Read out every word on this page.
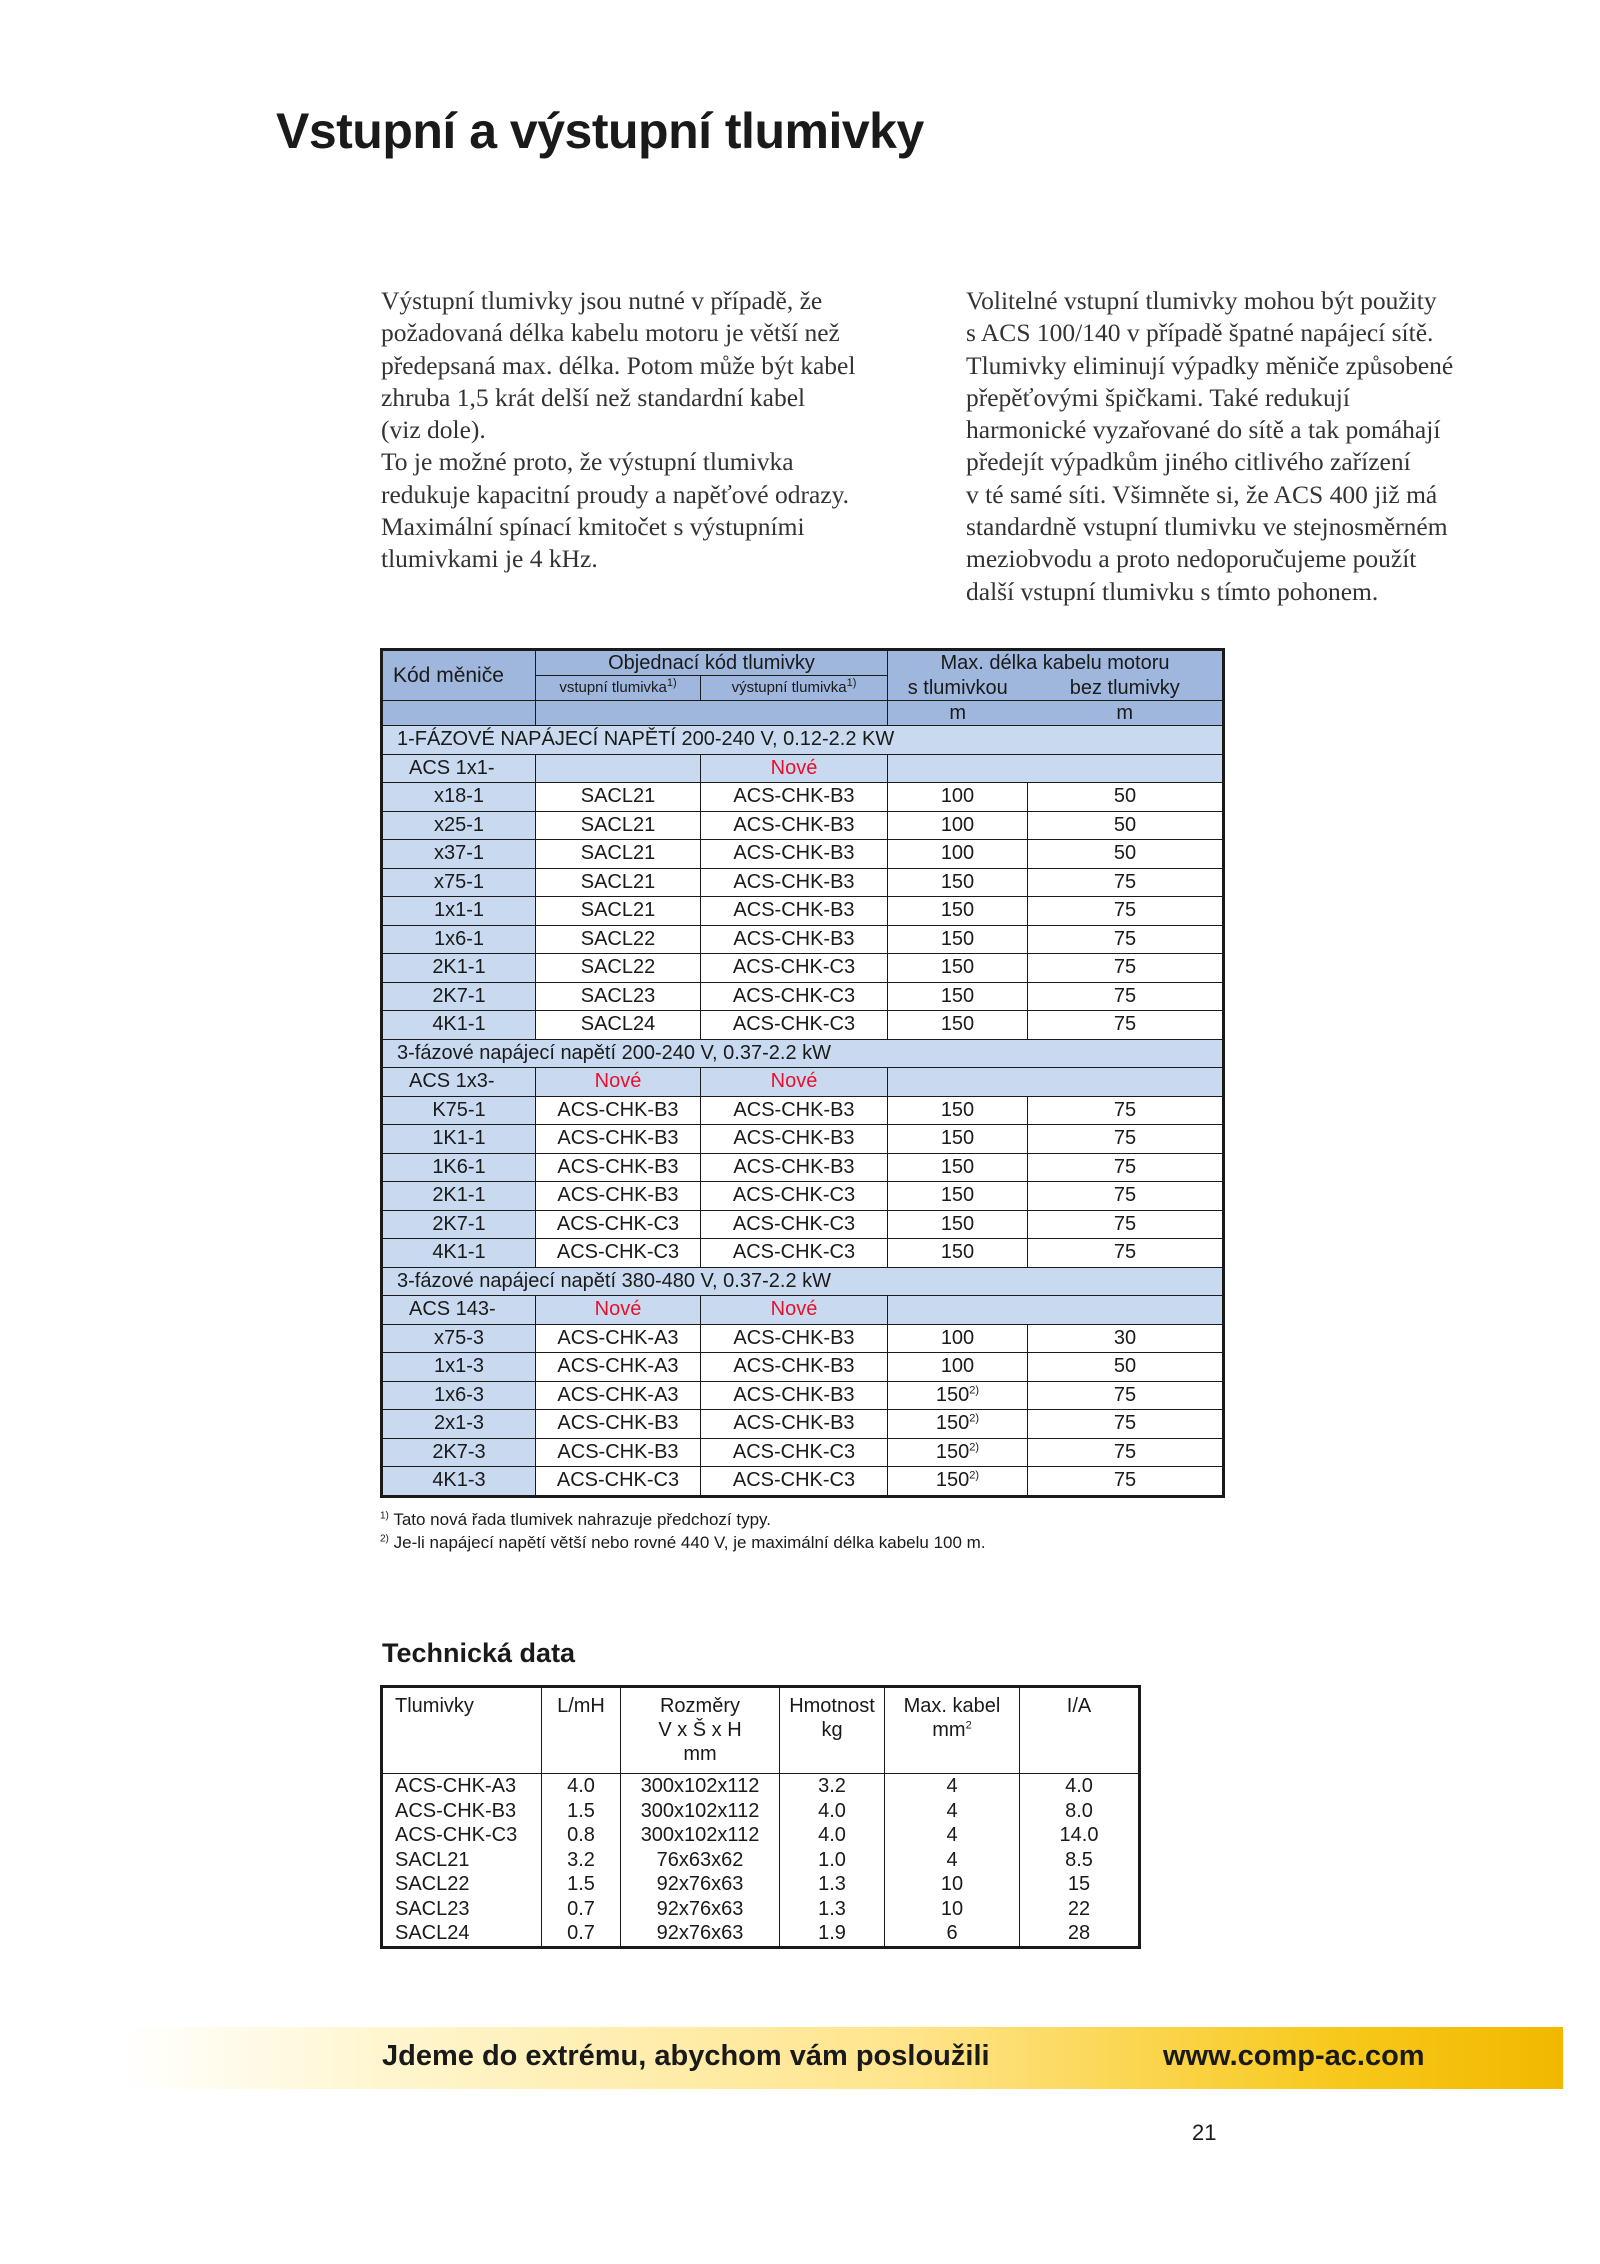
Vstupní a výstupní tlumivky

Výstupní tlumivky jsou nutné v případě, že

požadovaná délka kabelu motoru je větší než

předepsaná max. délka. Potom může být kabel

zhruba 1,5 krát delší než standardní kabel

(viz dole).

To je možné proto, že výstupní tlumivka

redukuje kapacitní proudy a napěťové odrazy.

Maximální spínací kmitočet s výstupními

tlumivkami je 4 kHz.

Volitelné vstupní tlumivky mohou být použity

s ACS 100/140 v případě špatné napájecí sítě.

Tlumivky eliminují výpadky měniče způsobené

přepěťovými špičkami. Také redukují

harmonické vyzařované do sítě a tak pomáhají

předejít výpadkům jiného citlivého zařízení

v té samé síti. Všimněte si, že ACS 400 již má

standardně vstupní tlumivku ve stejnosměrném

meziobvodu a proto nedoporučujeme použít

další vstupní tlumivku s tímto pohonem.

Kód měniče	Objednací kód tlumivky		Max. délka kabelu motoru	
	vstupní tlumivka$^{1)}$	výstupní tlumivka$^{1)}$	s tlumivkou	bez tlumivky
			m	m
1-FÁZOVÉ NAPÁJECÍ NAPĚTÍ 200-240 V, 0.12-2.2 KW				
ACS 1x1-		Nové		
x18-1	SACL21	ACS-CHK-B3	100	50
x25-1	SACL21	ACS-CHK-B3	100	50
x37-1	SACL21	ACS-CHK-B3	100	50
x75-1	SACL21	ACS-CHK-B3	150	75
1x1-1	SACL21	ACS-CHK-B3	150	75
1x6-1	SACL22	ACS-CHK-B3	150	75
2K1-1	SACL22	ACS-CHK-C3	150	75
2K7-1	SACL23	ACS-CHK-C3	150	75
4K1-1	SACL24	ACS-CHK-C3	150	75
3-fázové napájecí napětí 200-240 V, 0.37-2.2 kW				
ACS 1x3-	Nové	Nové		
K75-1	ACS-CHK-B3	ACS-CHK-B3	150	75
1K1-1	ACS-CHK-B3	ACS-CHK-B3	150	75
1K6-1	ACS-CHK-B3	ACS-CHK-B3	150	75
2K1-1	ACS-CHK-B3	ACS-CHK-C3	150	75
2K7-1	ACS-CHK-C3	ACS-CHK-C3	150	75
4K1-1	ACS-CHK-C3	ACS-CHK-C3	150	75
3-fázové napájecí napětí 380-480 V, 0.37-2.2 kW				
ACS 143-	Nové	Nové		
x75-3	ACS-CHK-A3	ACS-CHK-B3	100	30
1x1-3	ACS-CHK-A3	ACS-CHK-B3	100	50
1x6-3	ACS-CHK-A3	ACS-CHK-B3	150$^{2)}$	75
2x1-3	ACS-CHK-B3	ACS-CHK-B3	150$^{2)}$	75
2K7-3	ACS-CHK-B3	ACS-CHK-C3	150$^{2)}$	75
4K1-3	ACS-CHK-C3	ACS-CHK-C3	150$^{2)}$	75
$^{1)}$ Tato nová řada tlumivek nahrazuje předchozí typy.
$^{2)}$ Je-li napájecí napětí větší nebo rovné 440 V, je maximální délka kabelu 100 m.
Technická data
Tlumivky	L/mH	Rozměry
V x Š x H
mm	Hmotnost
kg	Max. kabel
$mm^2$	I/A
ACS-CHK-A3	4.0	300x102x112	3.2	4	4.0
ACS-CHK-B3	1.5	300x102x112	4.0	4	8.0
ACS-CHK-C3	0.8	300x102x112	4.0	4	14.0
SACL21	3.2	76x63x62	1.0	4	8.5
SACL22	1.5	92x76x63	1.3	10	15
SACL23	0.7	92x76x63	1.3	10	22
SACL24	0.7	92x76x63	1.9	6	28
Jdeme do extrému, abychom vám posloužili	www.comp-ac.com
21
